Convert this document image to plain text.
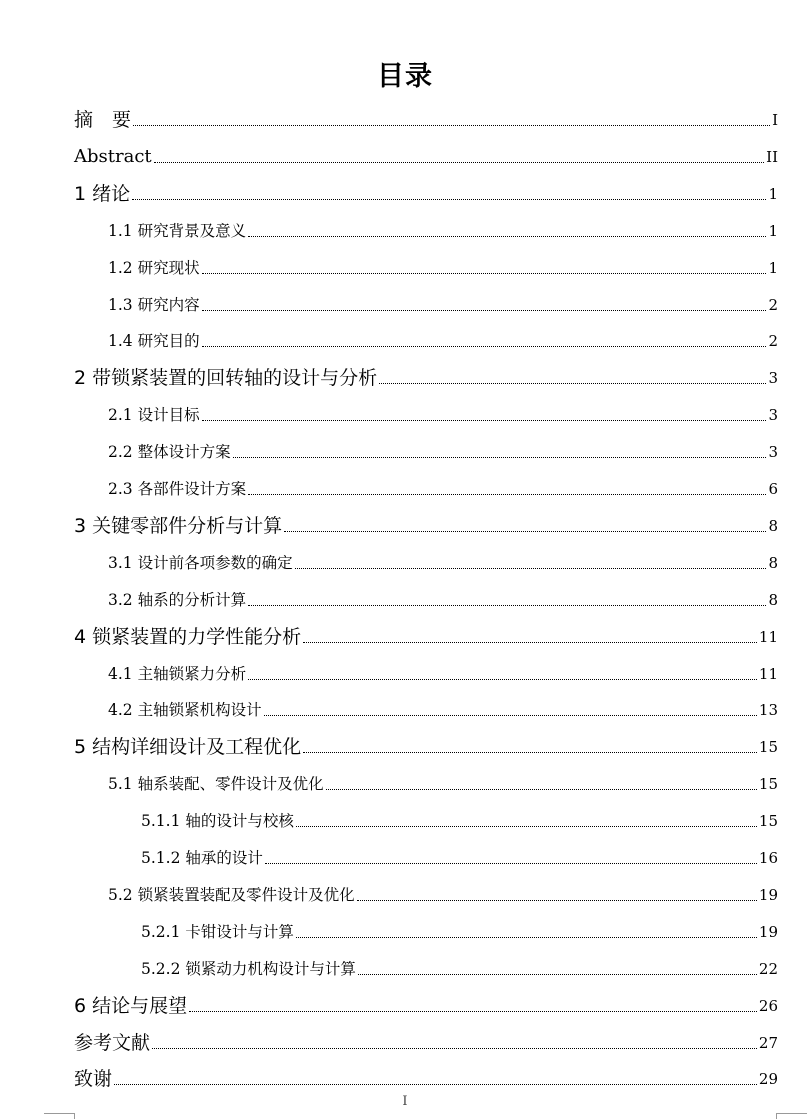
目录
摘　要	I
Abstract	II
1 绪论	1
1.1 研究背景及意义	1
1.2 研究现状	1
1.3 研究内容	2
1.4 研究目的	2
2 带锁紧装置的回转轴的设计与分析	3
2.1 设计目标	3
2.2 整体设计方案	3
2.3 各部件设计方案	6
3 关键零部件分析与计算	8
3.1 设计前各项参数的确定	8
3.2 轴系的分析计算	8
4 锁紧装置的力学性能分析	11
4.1 主轴锁紧力分析	11
4.2 主轴锁紧机构设计	13
5 结构详细设计及工程优化	15
5.1 轴系装配、零件设计及优化	15
5.1.1 轴的设计与校核	15
5.1.2 轴承的设计	16
5.2 锁紧装置装配及零件设计及优化	19
5.2.1 卡钳设计与计算	19
5.2.2 锁紧动力机构设计与计算	22
6 结论与展望	26
参考文献	27
致谢	29
I
